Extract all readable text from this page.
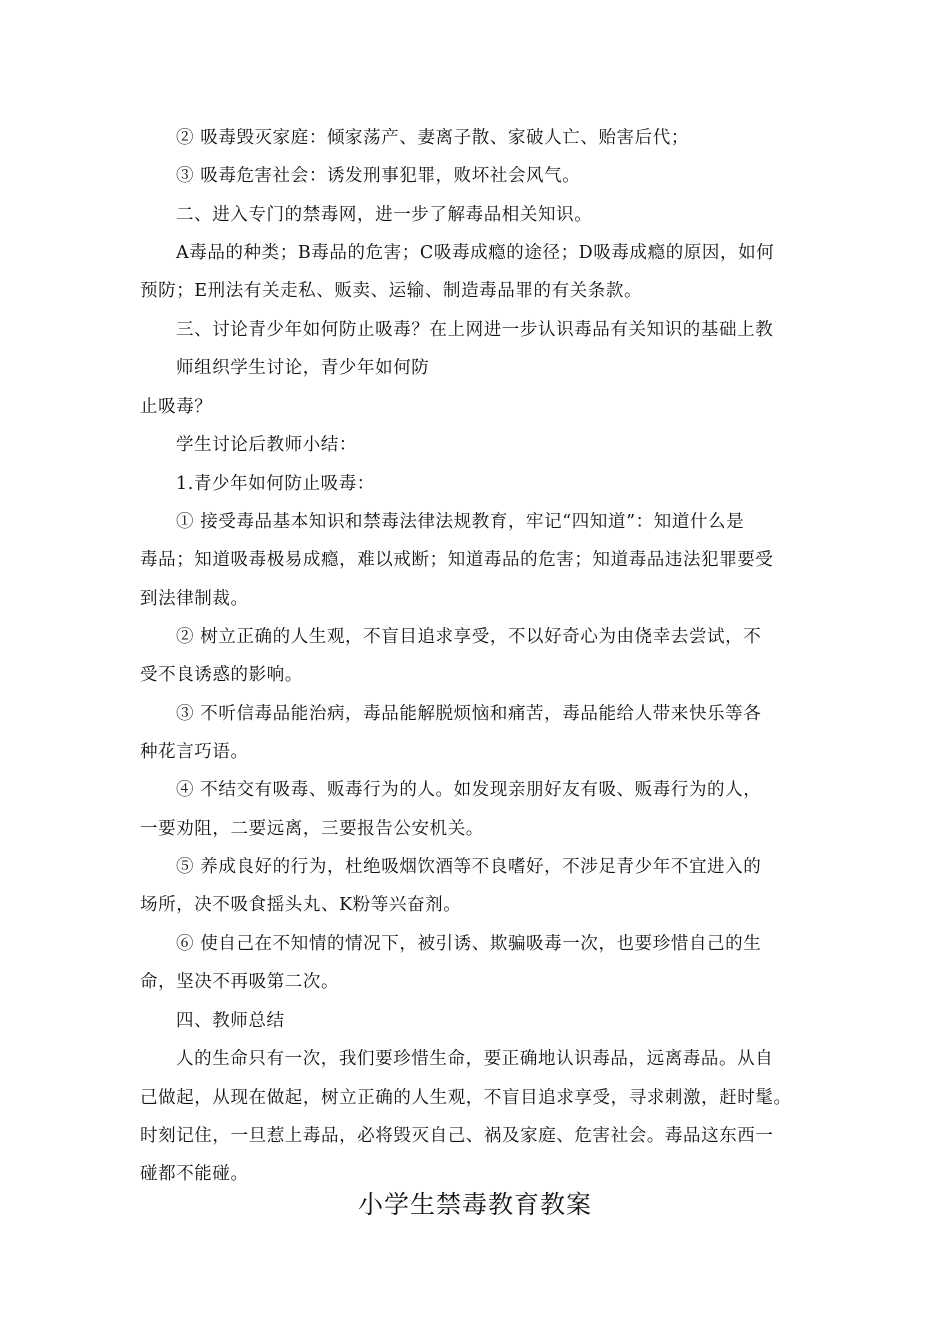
② 吸毒毁灭家庭：倾家荡产、妻离子散、家破人亡、贻害后代；
③ 吸毒危害社会：诱发刑事犯罪，败坏社会风气。
二、进入专门的禁毒网，进一步了解毒品相关知识。
A毒品的种类；B毒品的危害；C吸毒成瘾的途径；D吸毒成瘾的原因，如何
预防；E刑法有关走私、贩卖、运输、制造毒品罪的有关条款。
三、讨论青少年如何防止吸毒？在上网进一步认识毒品有关知识的基础上教
师组织学生讨论，青少年如何防
止吸毒？
学生讨论后教师小结：
1.青少年如何防止吸毒：
① 接受毒品基本知识和禁毒法律法规教育，牢记“四知道”：知道什么是
毒品；知道吸毒极易成瘾，难以戒断；知道毒品的危害；知道毒品违法犯罪要受
到法律制裁。
② 树立正确的人生观，不盲目追求享受，不以好奇心为由侥幸去尝试，不
受不良诱惑的影响。
③ 不听信毒品能治病，毒品能解脱烦恼和痛苦，毒品能给人带来快乐等各
种花言巧语。
④ 不结交有吸毒、贩毒行为的人。如发现亲朋好友有吸、贩毒行为的人，
一要劝阻，二要远离，三要报告公安机关。
⑤ 养成良好的行为，杜绝吸烟饮酒等不良嗜好，不涉足青少年不宜进入的
场所，决不吸食摇头丸、K粉等兴奋剂。
⑥ 使自己在不知情的情况下，被引诱、欺骗吸毒一次，也要珍惜自己的生
命，坚决不再吸第二次。
四、教师总结
人的生命只有一次，我们要珍惜生命，要正确地认识毒品，远离毒品。从自
己做起，从现在做起，树立正确的人生观，不盲目追求享受，寻求刺激，赶时髦。
时刻记住，一旦惹上毒品，必将毁灭自己、祸及家庭、危害社会。毒品这东西一
碰都不能碰。
小学生禁毒教育教案
